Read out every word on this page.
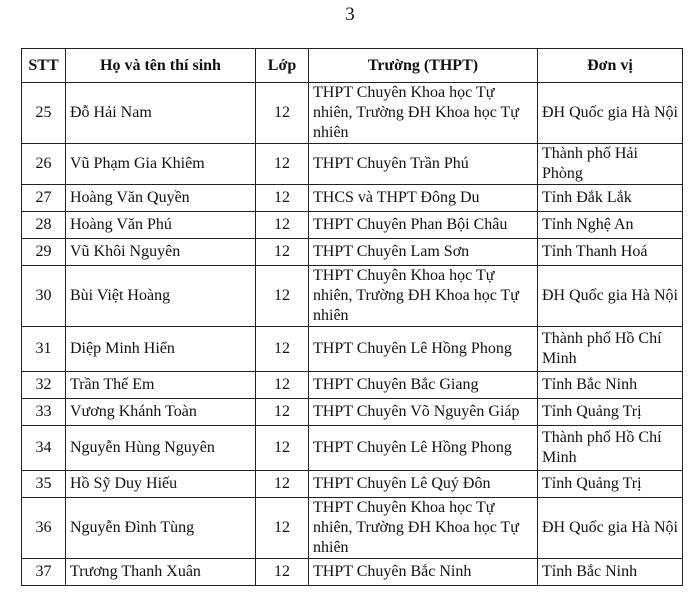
3
STT	Họ và tên thí sinh	Lớp	Trường (THPT)	Đơn vị
25	Đỗ Hải Nam	12	THPT Chuyên Khoa học Tự nhiên, Trường ĐH Khoa học Tự nhiên	ĐH Quốc gia Hà Nội
26	Vũ Phạm Gia Khiêm	12	THPT Chuyên Trần Phú	Thành phố Hải Phòng
27	Hoàng Văn Quyền	12	THCS và THPT Đông Du	Tỉnh Đắk Lắk
28	Hoàng Văn Phú	12	THPT Chuyên Phan Bội Châu	Tỉnh Nghệ An
29	Vũ Khôi Nguyên	12	THPT Chuyên Lam Sơn	Tỉnh Thanh Hoá
30	Bùi Việt Hoàng	12	THPT Chuyên Khoa học Tự nhiên, Trường ĐH Khoa học Tự nhiên	ĐH Quốc gia Hà Nội
31	Diệp Minh Hiển	12	THPT Chuyên Lê Hồng Phong	Thành phố Hồ Chí Minh
32	Trần Thế Em	12	THPT Chuyên Bắc Giang	Tỉnh Bắc Ninh
33	Vương Khánh Toàn	12	THPT Chuyên Võ Nguyên Giáp	Tỉnh Quảng Trị
34	Nguyễn Hùng Nguyên	12	THPT Chuyên Lê Hồng Phong	Thành phố Hồ Chí Minh
35	Hồ Sỹ Duy Hiếu	12	THPT Chuyên Lê Quý Đôn	Tỉnh Quảng Trị
36	Nguyễn Đình Tùng	12	THPT Chuyên Khoa học Tự nhiên, Trường ĐH Khoa học Tự nhiên	ĐH Quốc gia Hà Nội
37	Trương Thanh Xuân	12	THPT Chuyên Bắc Ninh	Tỉnh Bắc Ninh
